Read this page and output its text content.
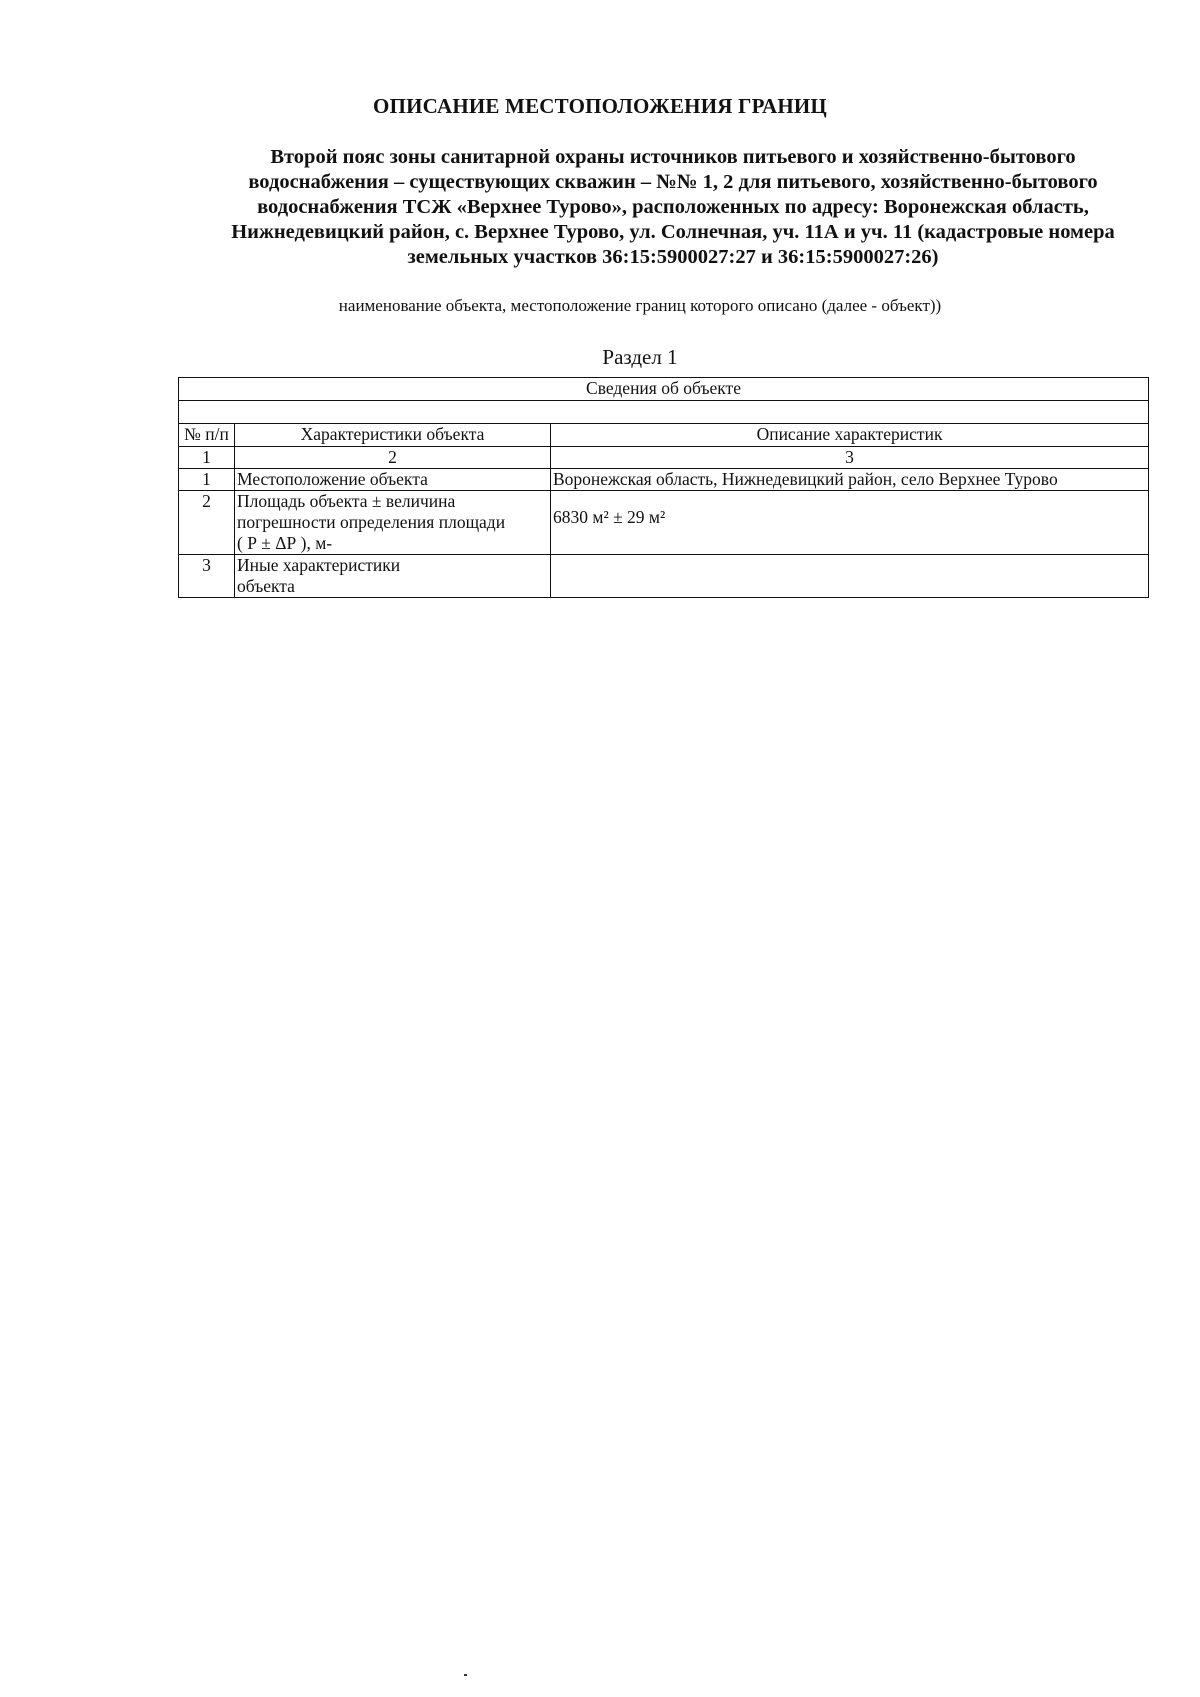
ОПИСАНИЕ МЕСТОПОЛОЖЕНИЯ ГРАНИЦ
Второй пояс зоны санитарной охраны источников питьевого и хозяйственно-бытового
водоснабжения – существующих скважин – №№ 1, 2 для питьевого, хозяйственно-бытового
водоснабжения ТСЖ «Верхнее Турово», расположенных по адресу: Воронежская область,
Нижнедевицкий район, с. Верхнее Турово, ул. Солнечная, уч. 11А и уч. 11 (кадастровые номера
земельных участков 36:15:5900027:27 и 36:15:5900027:26)
наименование объекта, местоположение границ которого описано (далее - объект))
Раздел 1
Сведения об объекте		

№ п/п	Характеристики объекта	Описание характеристик
1	2	3
1	Местоположение объекта	Воронежская область, Нижнедевицкий район, село Верхнее Турово
2	Площадь объекта ± величина
погрешности определения площади
( Р ± ΔР ), м-	6830 м² ± 29 м²
3	Иные характеристики
объекта	
